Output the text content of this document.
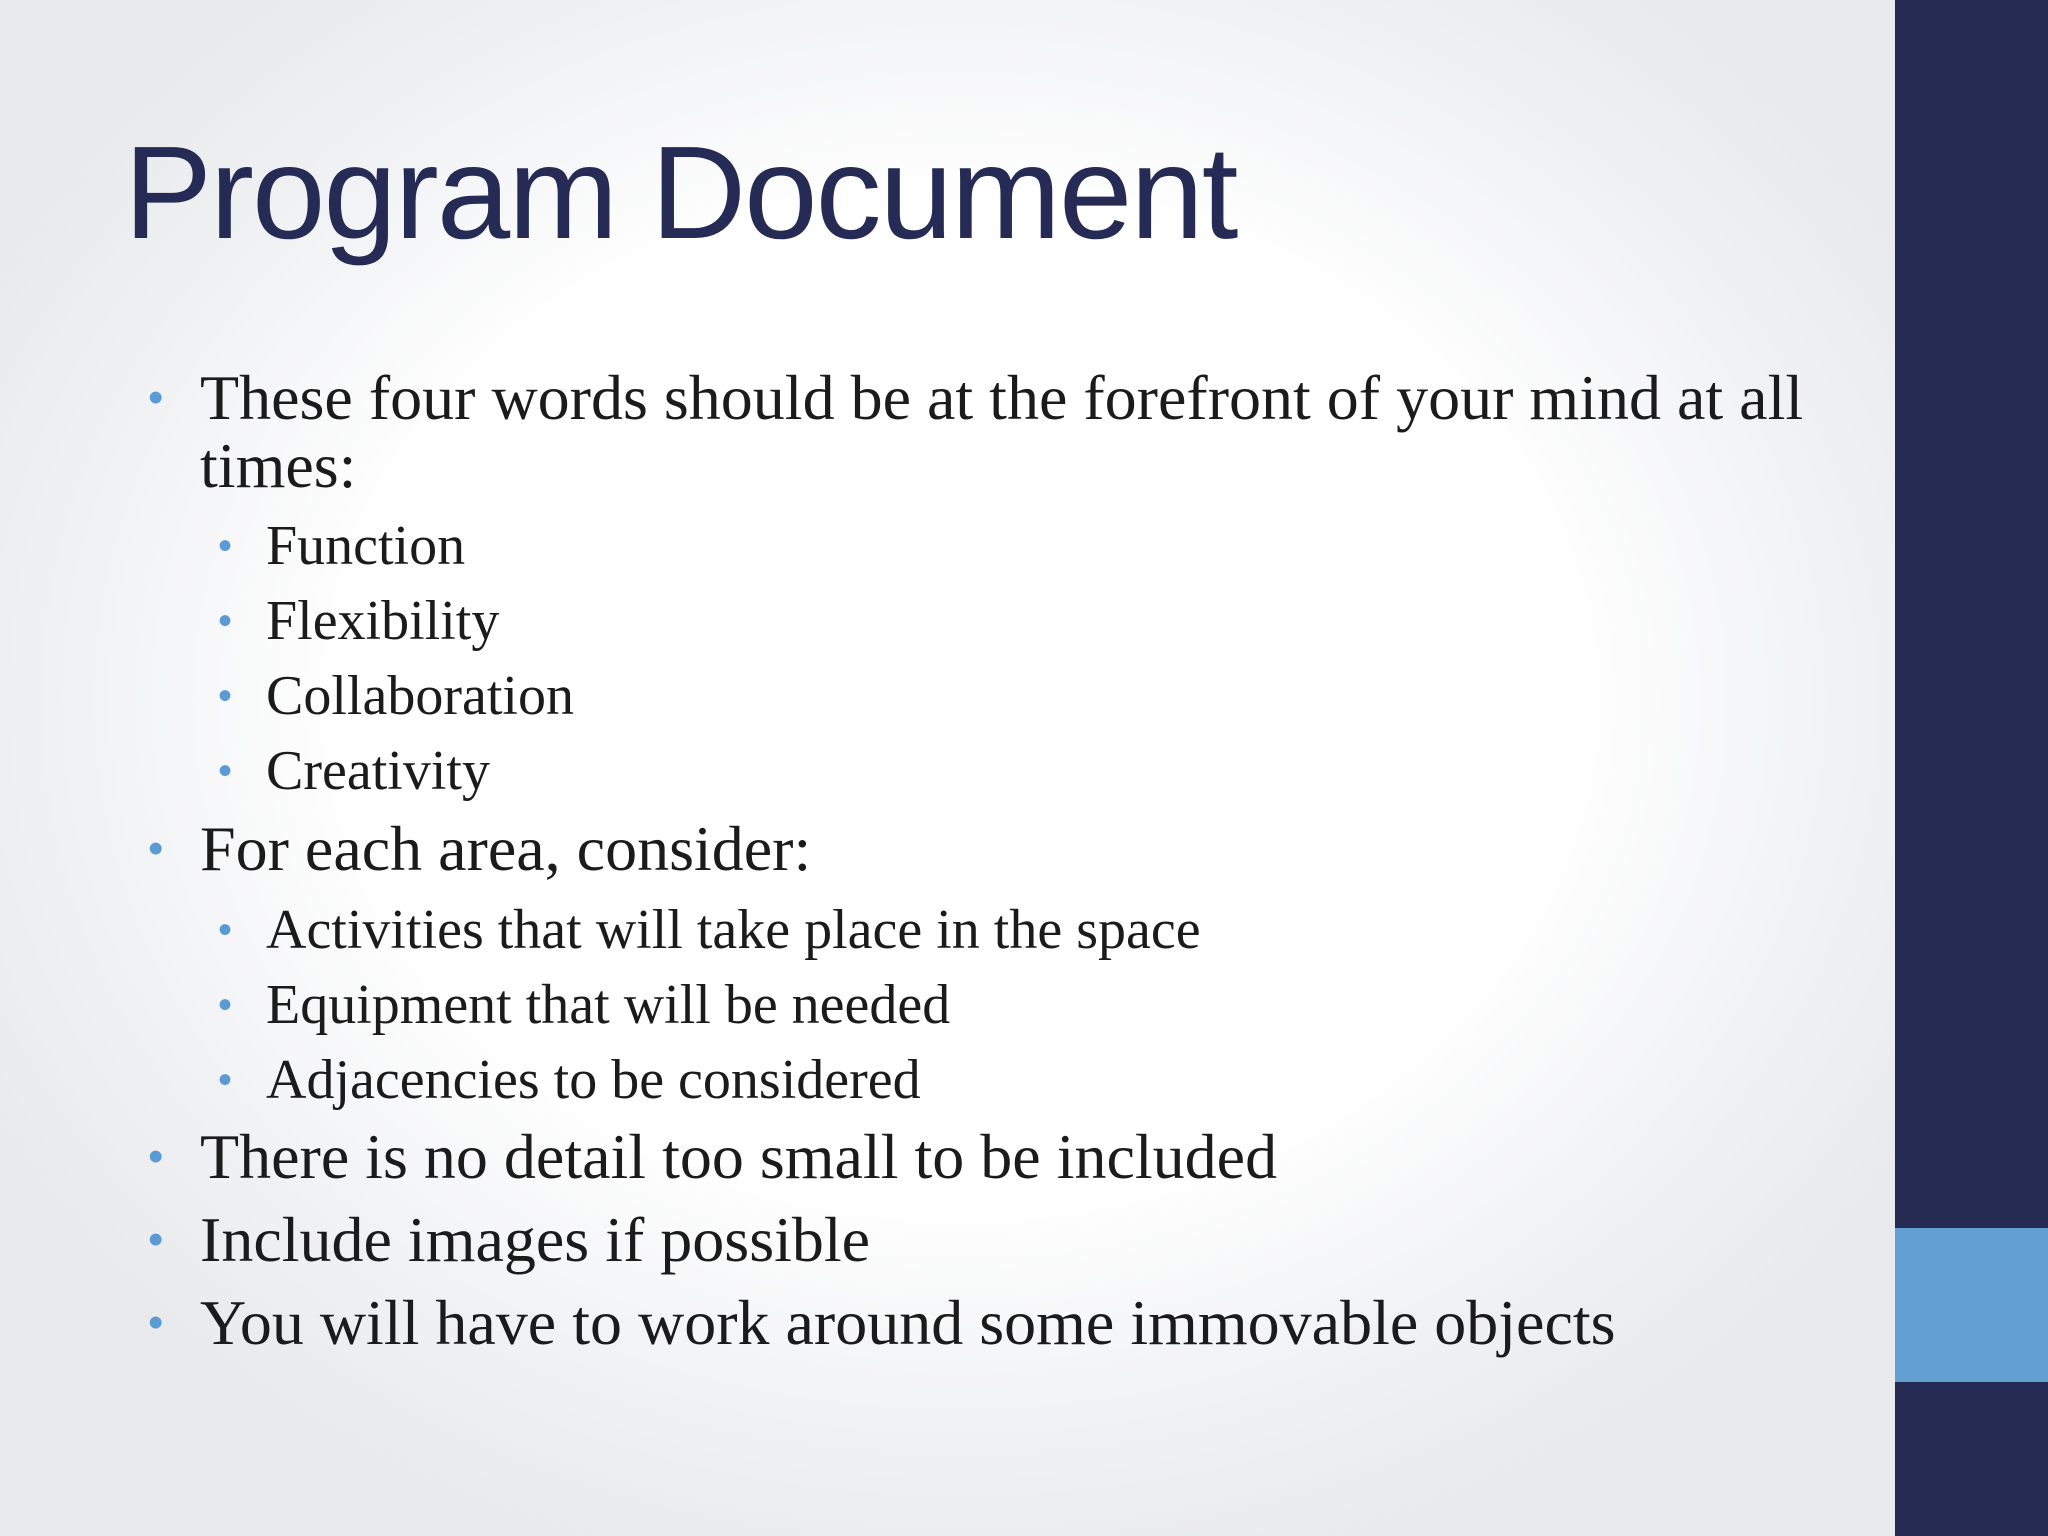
Program Document
• These four words should be at the forefront of your mind at all times:
• Function
• Flexibility
• Collaboration
• Creativity
• For each area, consider:
• Activities that will take place in the space
• Equipment that will be needed
• Adjacencies to be considered
• There is no detail too small to be included
• Include images if possible
• You will have to work around some immovable objects
